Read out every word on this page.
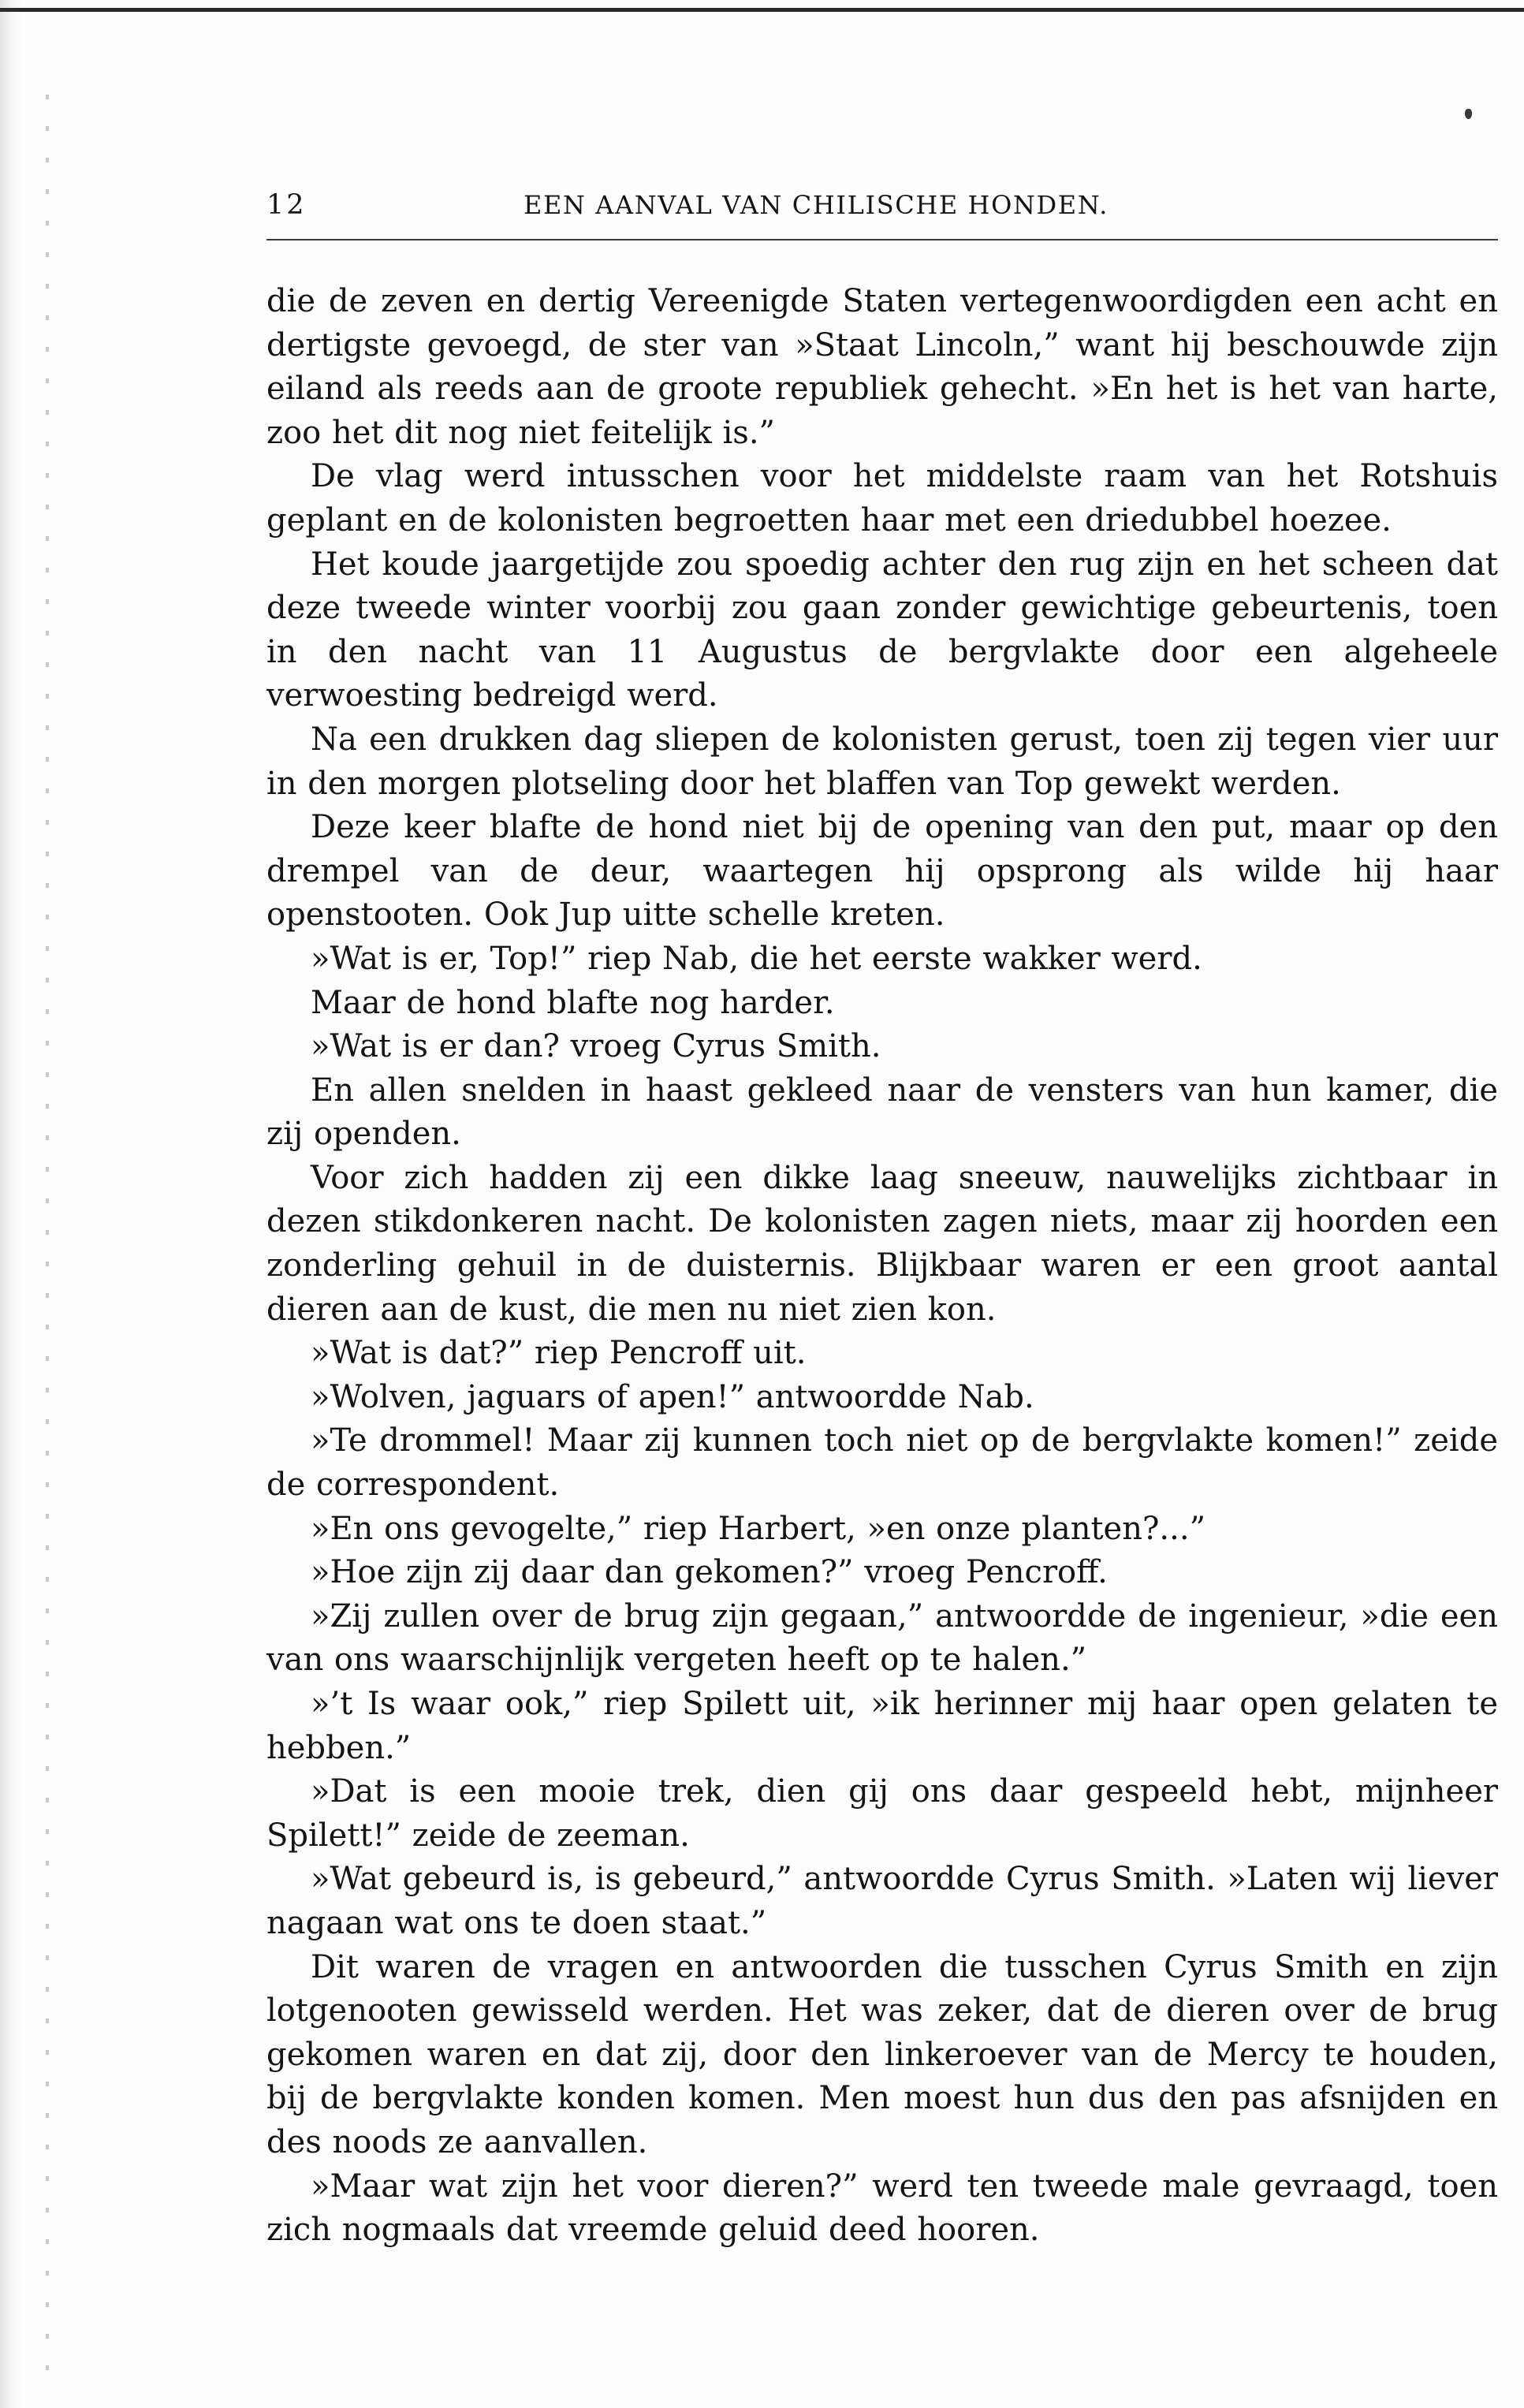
12	EEN AANVAL VAN CHILISCHE HONDEN.

die de zeven en dertig Vereenigde Staten vertegenwoordigden een acht en dertigste gevoegd, de ster van »Staat Lincoln,” want hij beschouwde zijn eiland als reeds aan de groote republiek gehecht. »En het is het van harte, zoo het dit nog niet feitelijk is.”

De vlag werd intusschen voor het middelste raam van het Rotshuis geplant en de kolonisten begroetten haar met een driedubbel hoezee.

Het koude jaargetijde zou spoedig achter den rug zijn en het scheen dat deze tweede winter voorbij zou gaan zonder gewichtige gebeurtenis, toen in den nacht van 11 Augustus de bergvlakte door een algeheele verwoesting bedreigd werd.

Na een drukken dag sliepen de kolonisten gerust, toen zij tegen vier uur in den morgen plotseling door het blaffen van Top gewekt werden.

Deze keer blafte de hond niet bij de opening van den put, maar op den drempel van de deur, waartegen hij opsprong als wilde hij haar openstooten. Ook Jup uitte schelle kreten.

»Wat is er, Top!” riep Nab, die het eerste wakker werd.

Maar de hond blafte nog harder.

»Wat is er dan? vroeg Cyrus Smith.

En allen snelden in haast gekleed naar de vensters van hun kamer, die zij openden.

Voor zich hadden zij een dikke laag sneeuw, nauwelijks zichtbaar in dezen stikdonkeren nacht. De kolonisten zagen niets, maar zij hoorden een zonderling gehuil in de duisternis. Blijkbaar waren er een groot aantal dieren aan de kust, die men nu niet zien kon.

»Wat is dat?” riep Pencroff uit.

»Wolven, jaguars of apen!” antwoordde Nab.

»Te drommel! Maar zij kunnen toch niet op de bergvlakte komen!” zeide de correspondent.

»En ons gevogelte,” riep Harbert, »en onze planten?...”

»Hoe zijn zij daar dan gekomen?” vroeg Pencroff.

»Zij zullen over de brug zijn gegaan,” antwoordde de ingenieur, »die een van ons waarschijnlijk vergeten heeft op te halen.”

»’t Is waar ook,” riep Spilett uit, »ik herinner mij haar open gelaten te hebben.”

»Dat is een mooie trek, dien gij ons daar gespeeld hebt, mijnheer Spilett!” zeide de zeeman.

»Wat gebeurd is, is gebeurd,” antwoordde Cyrus Smith. »Laten wij liever nagaan wat ons te doen staat.”

Dit waren de vragen en antwoorden die tusschen Cyrus Smith en zijn lotgenooten gewisseld werden. Het was zeker, dat de dieren over de brug gekomen waren en dat zij, door den linkeroever van de Mercy te houden, bij de bergvlakte konden komen. Men moest hun dus den pas afsnijden en des noods ze aanvallen.

»Maar wat zijn het voor dieren?” werd ten tweede male gevraagd, toen zich nogmaals dat vreemde geluid deed hooren.
